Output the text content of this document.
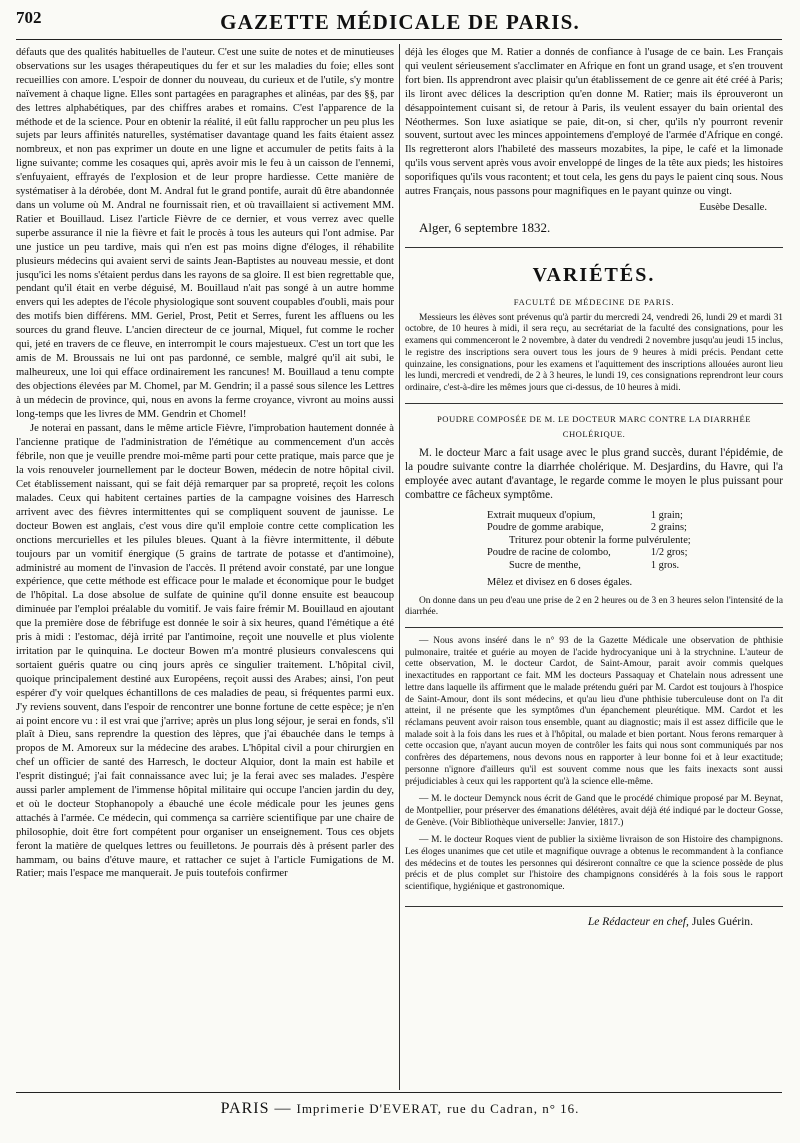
702	GAZETTE MÉDICALE DE PARIS.

défauts que des qualités habituelles de l'auteur. C'est une suite de notes et de minutieuses observations sur les usages thérapeutiques du fer et sur les maladies du foie; elles sont recueillies con amore. L'espoir de donner du nouveau, du curieux et de l'utile, s'y montre naïvement à chaque ligne. Elles sont partagées en paragraphes et alinéas, par des §§, par des lettres alphabétiques, par des chiffres arabes et romains. C'est l'apparence de la méthode et de la science. Pour en obtenir la réalité, il eût fallu rapprocher un peu plus les sujets par leurs affinités naturelles, systématiser davantage quand les faits étaient assez nombreux, et non pas exprimer un doute en une ligne et accumuler de petits faits à la ligne suivante; comme les cosaques qui, après avoir mis le feu à un caisson de l'ennemi, s'enfuyaient, effrayés de l'explosion et de leur propre hardiesse. Cette manière de systématiser à la dérobée, dont M. Andral fut le grand pontife, aurait dû être abandonnée dans un volume où M. Andral ne fournissait rien, et où travaillaient si activement MM. Ratier et Bouillaud. Lisez l'article Fièvre de ce dernier, et vous verrez avec quelle superbe assurance il nie la fièvre et fait le procès à tous les auteurs qui l'ont admise. Par une justice un peu tardive, mais qui n'en est pas moins digne d'éloges, il réhabilite plusieurs médecins qui avaient servi de saints Jean-Baptistes au nouveau messie, et dont jusqu'ici les noms s'étaient perdus dans les rayons de sa gloire. Il est bien regrettable que, pendant qu'il était en verbe déguisé, M. Bouillaud n'ait pas songé à un autre homme envers qui les adeptes de l'école physiologique sont souvent coupables d'oubli, mais pour des motifs bien différens. MM. Geriel, Prost, Petit et Serres, furent les affluens ou les sources du grand fleuve. L'ancien directeur de ce journal, Miquel, fut comme le rocher qui, jeté en travers de ce fleuve, en interrompit le cours majestueux. C'est un tort que les amis de M. Broussais ne lui ont pas pardonné, ce semble, malgré qu'il ait subi, le malheureux, une loi qui efface ordinairement les rancunes! M. Bouillaud a tenu compte des objections élevées par M. Chomel, par M. Gendrin; il a passé sous silence les Lettres à un médecin de province, qui, nous en avons la ferme croyance, vivront au moins aussi long-temps que les livres de MM. Gendrin et Chomel!

Je noterai en passant, dans le même article Fièvre, l'improbation hautement donnée à l'ancienne pratique de l'administration de l'émétique au commencement d'un accès fébrile, non que je veuille prendre moi-même parti pour cette pratique, mais parce que je la vois renouveler journellement par le docteur Bowen, médecin de notre hôpital civil. Cet établissement naissant, qui se fait déjà remarquer par sa propreté, reçoit les colons malades. Ceux qui habitent certaines parties de la campagne voisines des Harresch arrivent avec des fièvres intermittentes qui se compliquent souvent de jaunisse. Le docteur Bowen est anglais, c'est vous dire qu'il emploie contre cette complication les onctions mercurielles et les pilules bleues. Quant à la fièvre intermittente, il débute toujours par un vomitif énergique (5 grains de tartrate de potasse et d'antimoine), administré au moment de l'invasion de l'accès. Il prétend avoir constaté, par une longue expérience, que cette méthode est efficace pour le malade et économique pour le budget de l'hôpital. La dose absolue de sulfate de quinine qu'il donne ensuite est beaucoup diminuée par l'emploi préalable du vomitif. Je vais faire frémir M. Bouillaud en ajoutant que la première dose de fébrifuge est donnée le soir à six heures, quand l'émétique a été pris à midi : l'estomac, déjà irrité par l'antimoine, reçoit une nouvelle et plus violente irritation par le quinquina. Le docteur Bowen m'a montré plusieurs convalescens qui sortaient guéris quatre ou cinq jours après ce singulier traitement. L'hôpital civil, quoique principalement destiné aux Européens, reçoit aussi des Arabes; ainsi, l'on peut espérer d'y voir quelques échantillons de ces maladies de peau, si fréquentes parmi eux. J'y reviens souvent, dans l'espoir de rencontrer une bonne fortune de cette espèce; je n'en ai point encore vu : il est vrai que j'arrive; après un plus long séjour, je serai en fonds, s'il plaît à Dieu, sans reprendre la question des lèpres, que j'ai ébauchée dans le temps à propos de M. Amoreux sur la médecine des arabes. L'hôpital civil a pour chirurgien en chef un officier de santé des Harresch, le docteur Alquior, dont la main est habile et l'esprit distingué; j'ai fait connaissance avec lui; je la ferai avec ses malades. J'espère aussi parler amplement de l'immense hôpital militaire qui occupe l'ancien jardin du dey, et où le docteur Stophanopoly a ébauché une école médicale pour les jeunes gens attachés à l'armée. Ce médecin, qui commença sa carrière scientifique par une chaire de philosophie, doit être fort compétent pour organiser un enseignement. Tous ces objets feront la matière de quelques lettres ou feuilletons. Je pourrais dès à présent parler des hammam, ou bains d'étuve maure, et rattacher ce sujet à l'article Fumigations de M. Ratier; mais l'espace me manquerait. Je puis toutefois confirmer

déjà les éloges que M. Ratier a donnés de confiance à l'usage de ce bain. Les Français qui veulent sérieusement s'acclimater en Afrique en font un grand usage, et s'en trouvent fort bien. Ils apprendront avec plaisir qu'un établissement de ce genre ait été créé à Paris; ils liront avec délices la description qu'en donne M. Ratier; mais ils éprouveront un désappointement cuisant si, de retour à Paris, ils veulent essayer du bain oriental des Néothermes. Son luxe asiatique se paie, dit-on, si cher, qu'ils n'y pourront revenir souvent, surtout avec les minces appointemens d'employé de l'armée d'Afrique en congé. Ils regretteront alors l'habileté des masseurs mozabites, la pipe, le café et la limonade qu'ils vous servent après vous avoir enveloppé de linges de la tête aux pieds; les histoires soporifiques qu'ils vous racontent; et tout cela, les gens du pays le paient cinq sous. Nous autres Français, nous passons pour magnifiques en le payant quinze ou vingt.

Eusèbe Desalle.
Alger, 6 septembre 1832.
VARIÉTÉS.
FACULTÉ DE MÉDECINE DE PARIS.

Messieurs les élèves sont prévenus qu'à partir du mercredi 24, vendredi 26, lundi 29 et mardi 31 octobre, de 10 heures à midi, il sera reçu, au secrétariat de la faculté des consignations, pour les examens qui commenceront le 2 novembre, à dater du vendredi 2 novembre jusqu'au jeudi 15 inclus, le registre des inscriptions sera ouvert tous les jours de 9 heures à midi précis. Pendant cette quinzaine, les consignations, pour les examens et l'aquittement des inscriptions allouées auront lieu les lundi, mercredi et vendredi, de 2 à 3 heures, le lundi 19, ces consignations reprendront leur cours ordinaire, c'est-à-dire les mêmes jours que ci-dessus, de 10 heures à midi.

POUDRE COMPOSÉE DE M. LE DOCTEUR MARC CONTRE LA DIARRHÉE
CHOLÉRIQUE.

M. le docteur Marc a fait usage avec le plus grand succès, durant l'épidémie, de la poudre suivante contre la diarrhée cholérique. M. Desjardins, du Havre, qui l'a employée avec autant d'avantage, le regarde comme le moyen le plus puissant pour combattre ce fâcheux symptôme.

Extrait muqueux d'opium,	1 grain;
Poudre de gomme arabique,	2 grains;
Triturez pour obtenir la forme pulvérulente;	
Poudre de racine de colombo,	1/2 gros;
Sucre de menthe,	1 gros.
Mêlez et divisez en 6 doses égales.

On donne dans un peu d'eau une prise de 2 en 2 heures ou de 3 en 3 heures selon l'intensité de la diarrhée.

— Nous avons inséré dans le n° 93 de la Gazette Médicale une observation de phthisie pulmonaire, traitée et guérie au moyen de l'acide hydrocyanique uni à la strychnine. L'auteur de cette observation, M. le docteur Cardot, de Saint-Amour, parait avoir commis quelques inexactitudes en rapportant ce fait. MM les docteurs Passaquay et Chatelain nous adressent une lettre dans laquelle ils affirment que le malade prétendu guéri par M. Cardot est toujours à l'hospice de Saint-Amour, dont ils sont médecins, et qu'au lieu d'une phthisie tuberculeuse dont on l'a dit atteint, il ne présente que les symptômes d'un épanchement pleurétique. MM. Cardot et les réclamans peuvent avoir raison tous ensemble, quant au diagnostic; mais il est assez difficile que le malade soit à la fois dans les rues et à l'hôpital, ou malade et bien portant. Nous ferons remarquer à cette occasion que, n'ayant aucun moyen de contrôler les faits qui nous sont communiqués par nos confrères des départemens, nous devons nous en rapporter à leur bonne foi et à leur exactitude; personne n'ignore d'ailleurs qu'il est souvent comme nous que les faits inexacts sont aussi préjudiciables à ceux qui les rapportent qu'à la science elle-même.

— M. le docteur Demynck nous écrit de Gand que le procédé chimique proposé par M. Beynat, de Montpellier, pour préserver des émanations délétères, avait déjà été indiqué par le docteur Gosse, de Genève. (Voir Bibliothèque universelle: Janvier, 1817.)

— M. le docteur Roques vient de publier la sixième livraison de son Histoire des champignons. Les éloges unanimes que cet utile et magnifique ouvrage a obtenus le recommandent à la confiance des médecins et de toutes les personnes qui désireront connaître ce que la science possède de plus précis et de plus complet sur l'histoire des champignons considérés à la fois sous le rapport scientifique, hygiénique et gastronomique.

Le Rédacteur en chef, Jules Guérin.
PARIS — Imprimerie D'EVERAT, rue du Cadran, n° 16.
